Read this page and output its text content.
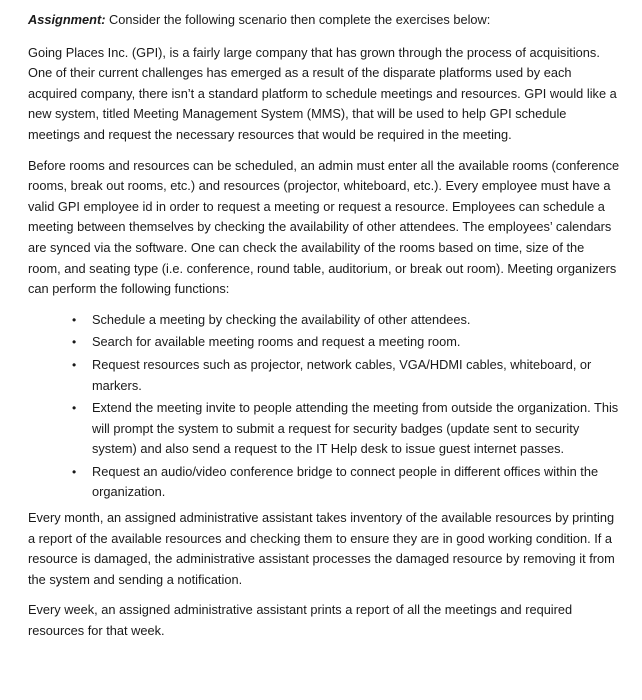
Assignment: Consider the following scenario then complete the exercises below:

Going Places Inc. (GPI), is a fairly large company that has grown through the process of acquisitions. One of their current challenges has emerged as a result of the disparate platforms used by each acquired company, there isn’t a standard platform to schedule meetings and resources. GPI would like a new system, titled Meeting Management System (MMS), that will be used to help GPI schedule meetings and request the necessary resources that would be required in the meeting.

Before rooms and resources can be scheduled, an admin must enter all the available rooms (conference rooms, break out rooms, etc.) and resources (projector, whiteboard, etc.). Every employee must have a valid GPI employee id in order to request a meeting or request a resource. Employees can schedule a meeting between themselves by checking the availability of other attendees. The employees’ calendars are synced via the software. One can check the availability of the rooms based on time, size of the room, and seating type (i.e. conference, round table, auditorium, or break out room). Meeting organizers can perform the following functions:

• Schedule a meeting by checking the availability of other attendees.
• Search for available meeting rooms and request a meeting room.
• Request resources such as projector, network cables, VGA/HDMI cables, whiteboard, or markers.
• Extend the meeting invite to people attending the meeting from outside the organization. This will prompt the system to submit a request for security badges (update sent to security system) and also send a request to the IT Help desk to issue guest internet passes.
• Request an audio/video conference bridge to connect people in different offices within the organization.

Every month, an assigned administrative assistant takes inventory of the available resources by printing a report of the available resources and checking them to ensure they are in good working condition. If a resource is damaged, the administrative assistant processes the damaged resource by removing it from the system and sending a notification.

Every week, an assigned administrative assistant prints a report of all the meetings and required resources for that week.
